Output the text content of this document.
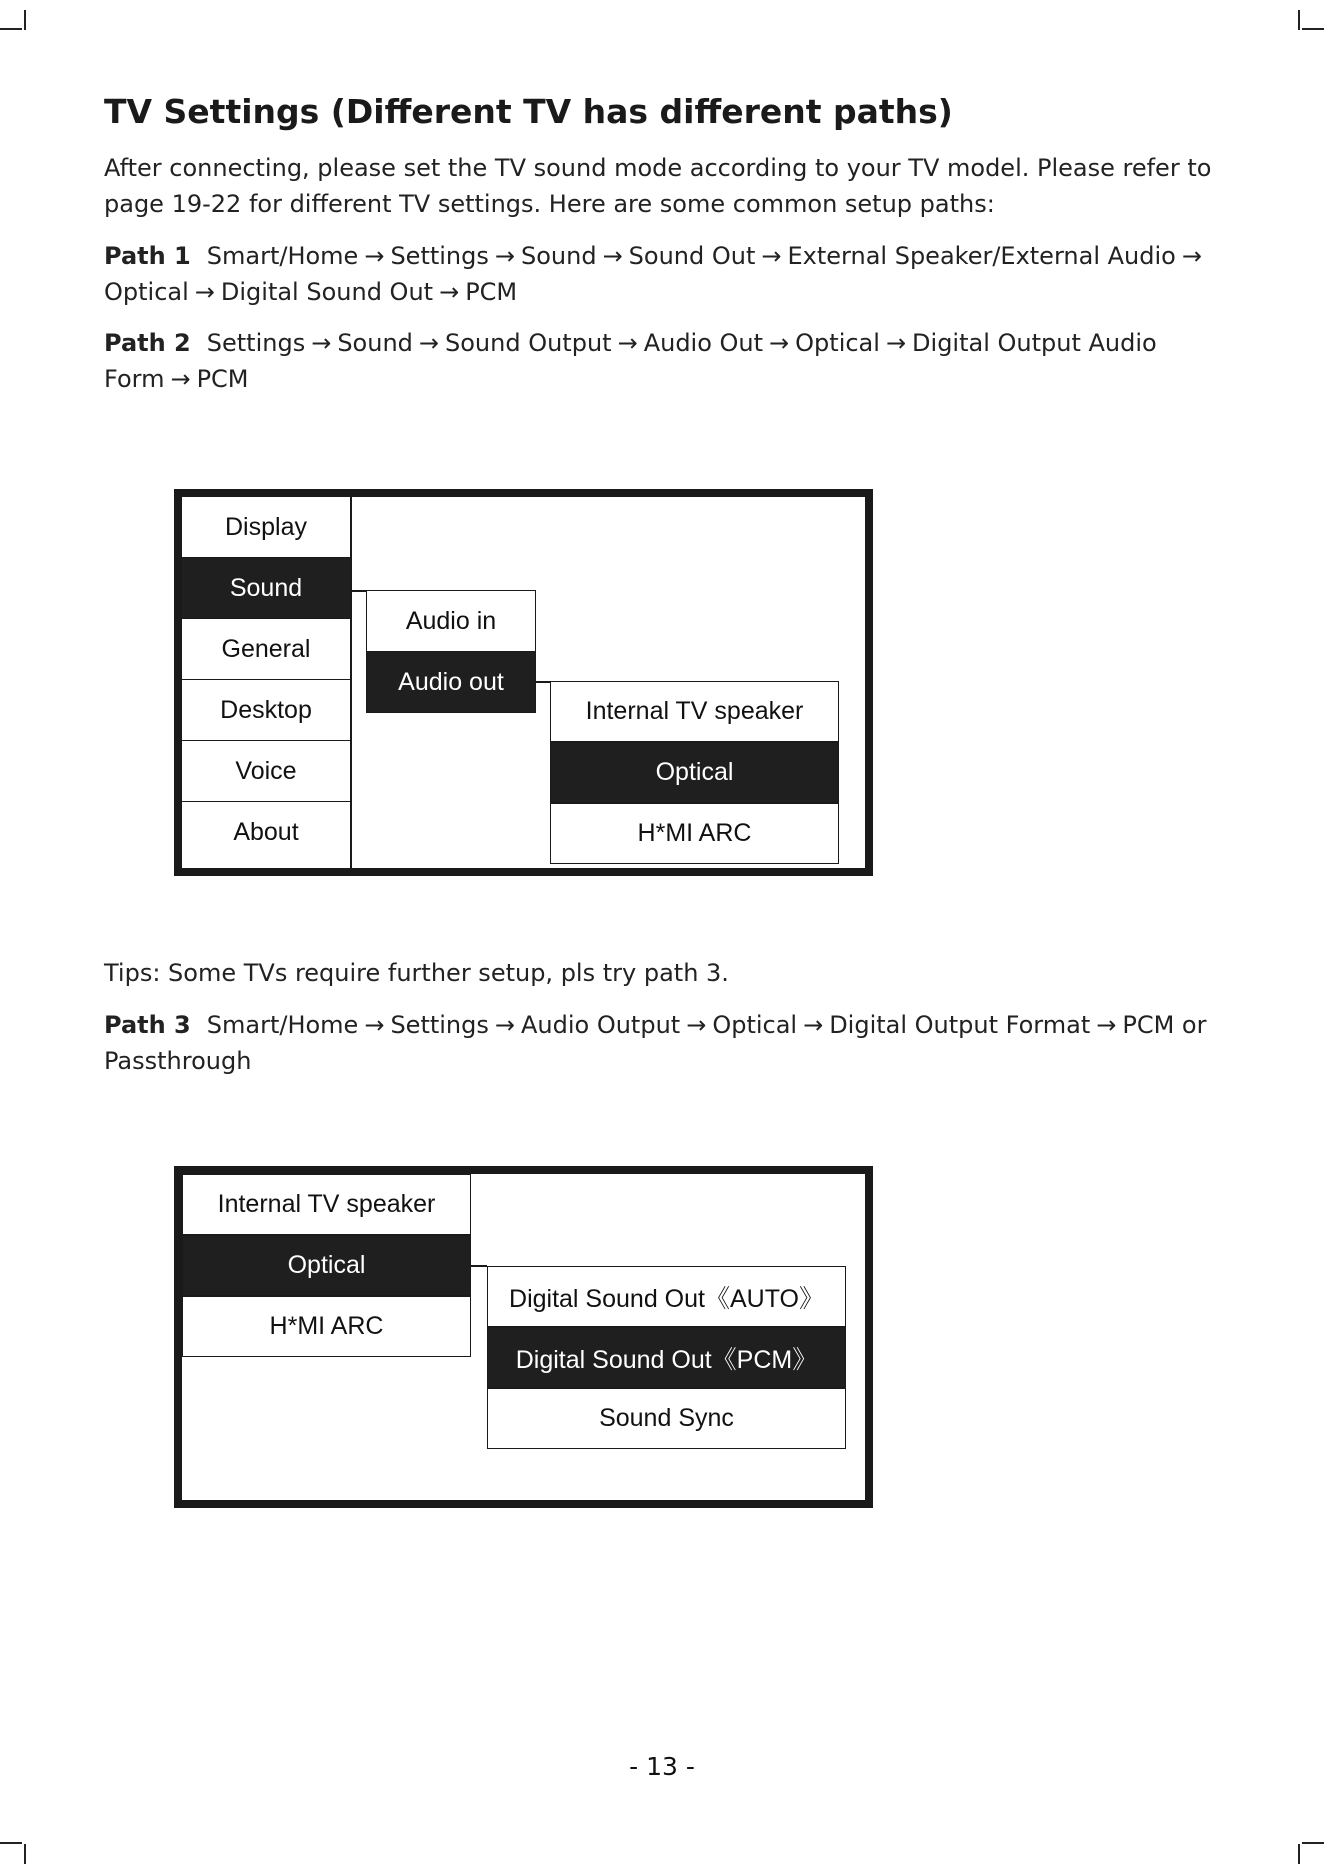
TV Settings (Different TV has different paths)

After connecting, please set the TV sound mode according to your TV model. Please refer to page 19-22 for different TV settings. Here are some common setup paths:

Path 1 Smart/Home → Settings → Sound → Sound Out → External Speaker/External Audio →Optical → Digital Sound Out → PCM

Path 2 Settings → Sound → Sound Output → Audio Out → Optical → Digital Output Audio Form → PCM

Display
Sound
General
Desktop
Voice
About
Audio in
Audio out
Internal TV speaker
Optical
H*MI ARC

Tips: Some TVs require further setup, pls try path 3.

Path 3 Smart/Home → Settings → Audio Output → Optical → Digital Output Format → PCM or Passthrough

Internal TV speaker
Optical
H*MI ARC
Digital Sound Out《AUTO》
Digital Sound Out《PCM》
Sound Sync
- 13 -
